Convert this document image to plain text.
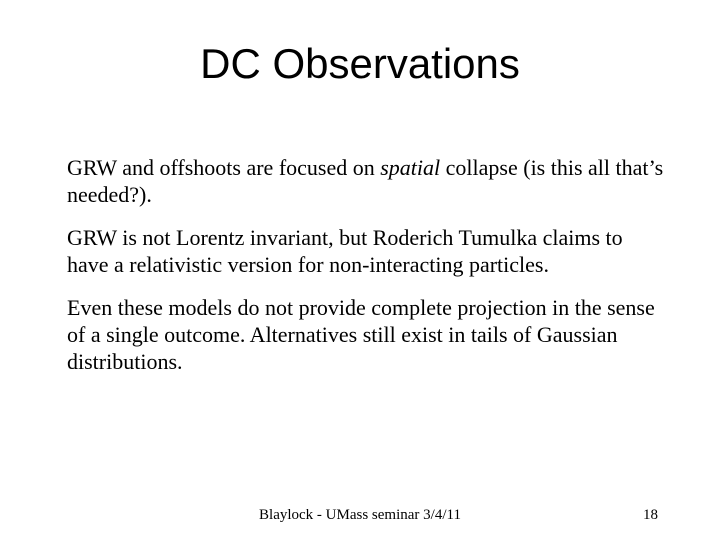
DC Observations

GRW and offshoots are focused on spatial collapse (is this all that’s needed?).

GRW is not Lorentz invariant, but Roderich Tumulka claims to have a relativistic version for non-interacting particles.

Even these models do not provide complete projection in the sense of a single outcome. Alternatives still exist in tails of Gaussian distributions.

Blaylock - UMass seminar 3/4/11	18
